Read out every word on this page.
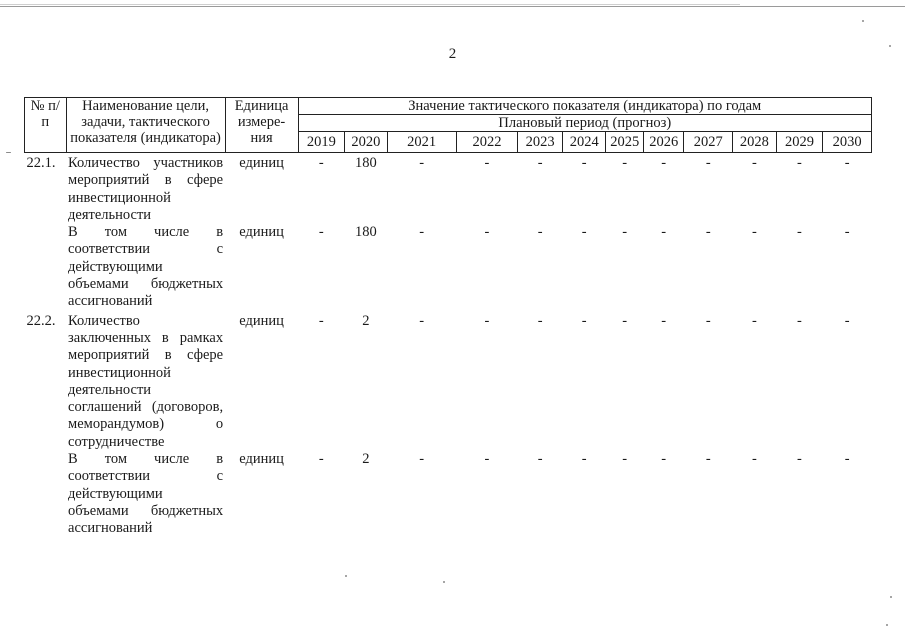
2
№ п/п	Наименование цели, задачи, тактического показателя (индикатора)	Единица измере-ния	Значение тактического показателя (индикатора) по годам											
			Плановый период (прогноз)											
			2019	2020	2021	2022	2023	2024	2025	2026	2027	2028	2029	2030
22.1.	Количество участников мероприятий в сфере инвестиционной деятельности	единиц	-	180	-	-	-	-	-	-	-	-	-	-
	В том числе в соответствии с действующими объемами бюджетных ассигнований	единиц	-	180	-	-	-	-	-	-	-	-	-	-
22.2.	Количество заключенных в рамках мероприятий в сфере инвестиционной деятельности соглашений (договоров, меморандумов) о сотрудничестве	единиц	-	2	-	-	-	-	-	-	-	-	-	-
	В том числе в соответствии с действующими объемами бюджетных ассигнований	единиц	-	2	-	-	-	-	-	-	-	-	-	-
